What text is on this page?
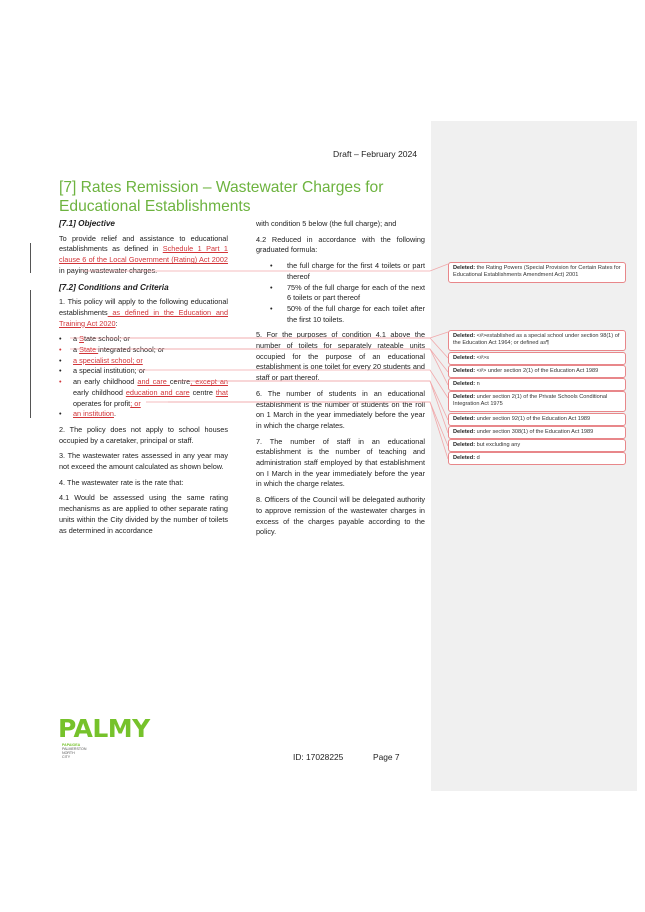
Draft – February 2024
[7] Rates Remission – Wastewater Charges for Educational Establishments
[7.1] Objective

To provide relief and assistance to educational establishments as defined in Schedule 1 Part 1 clause 6 of the Local Government (Rating) Act 2002 in paying wastewater charges.

[7.2] Conditions and Criteria

1. This policy will apply to the following educational establishments as defined in the Education and Training Act 2020:

• a State school; or
• a State integrated school; or
• a specialist school; or
• a special institution; or
• an early childhood and care centre, except an early childhood education and care centre that operates for profit; or
• an institution.

2. The policy does not apply to school houses occupied by a caretaker, principal or staff.

3. The wastewater rates assessed in any year may not exceed the amount calculated as shown below.

4. The wastewater rate is the rate that:

4.1 Would be assessed using the same rating mechanisms as are applied to other separate rating units within the City divided by the number of toilets as determined in accordance

with condition 5 below (the full charge); and

4.2 Reduced in accordance with the following graduated formula:

• the full charge for the first 4 toilets or part thereof
• 75% of the full charge for each of the next 6 toilets or part thereof
• 50% of the full charge for each toilet after the first 10 toilets.

5. For the purposes of condition 4.1 above the number of toilets for separately rateable units occupied for the purpose of an educational establishment is one toilet for every 20 students and staff or part thereof.

6. The number of students in an educational establishment is the number of students on the roll on 1 March in the year immediately before the year in which the charge relates.

7. The number of staff in an educational establishment is the number of teaching and administration staff employed by that establishment on I March in the year immediately before the year in which the charge relates.

8. Officers of the Council will be delegated authority to approve remission of the wastewater charges in excess of the charges payable according to the policy.

Deleted: the Rating Powers (Special Provision for Certain Rates for Educational Establishments Amendment Act) 2001
Deleted: <#>established as a special school under section 98(1) of the Education Act 1964; or defined as¶
Deleted: <#>s
Deleted: <#> under section 2(1) of the Education Act 1989
Deleted: n
Deleted: under section 2(1) of the Private Schools Conditional Integration Act 1975
Deleted: under section 92(1) of the Education Act 1989
Deleted: under section 308(1) of the Education Act 1989
Deleted: but excluding any
Deleted: d
PALMY
PAPAIOEA
PALMERSTON
NORTH
CITY	ID: 17028225	Page 7
